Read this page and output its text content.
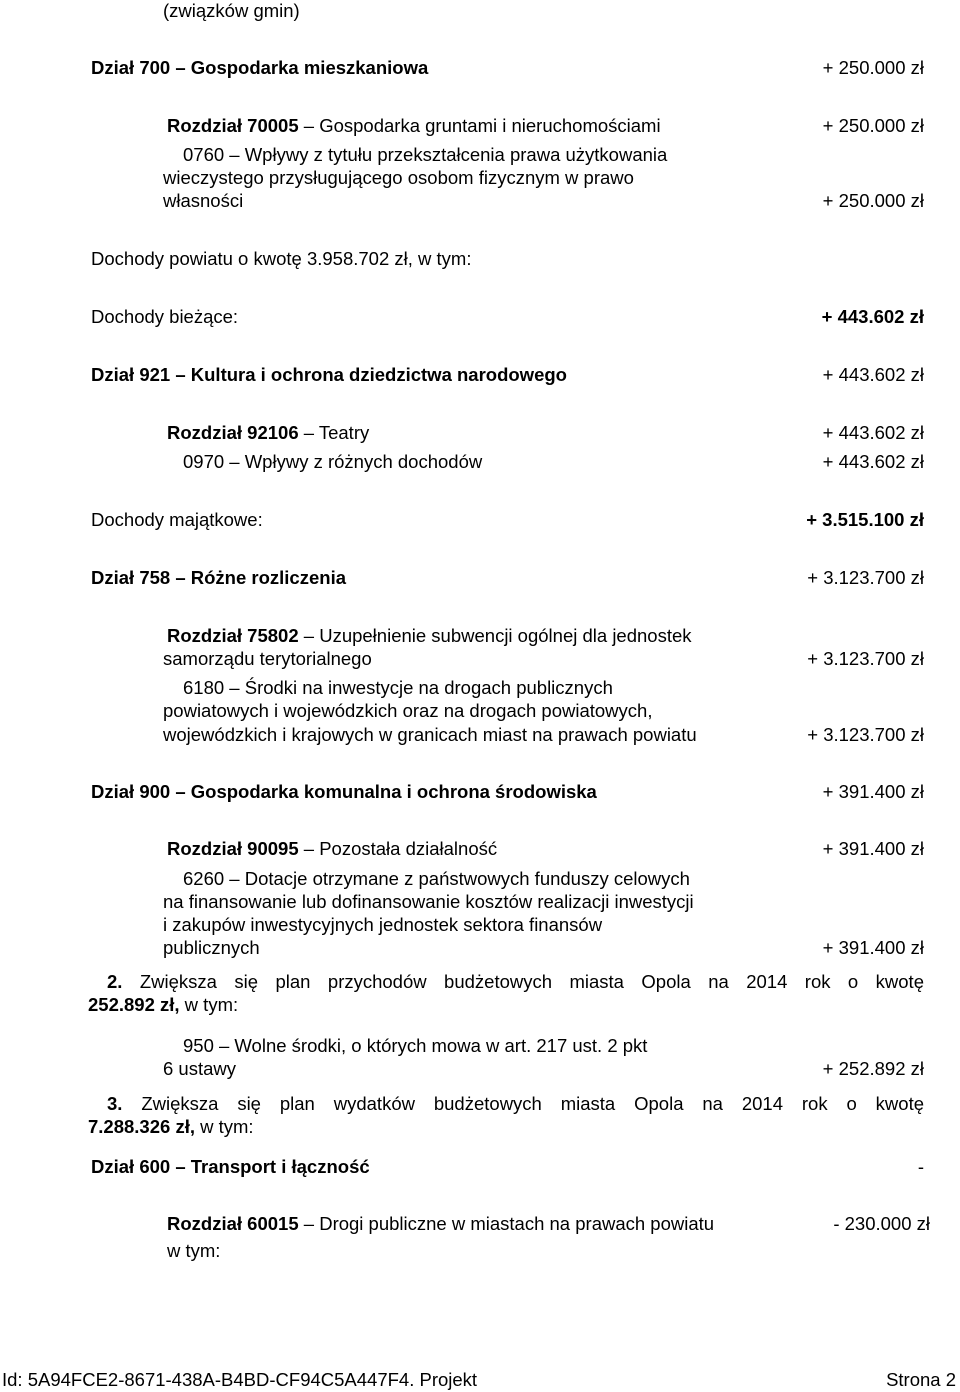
(związków gmin)
Dział 700 – Gospodarka mieszkaniowa	+ 250.000 zł
Rozdział 70005 – Gospodarka gruntami i nieruchomościami	+ 250.000 zł
0760 – Wpływy z tytułu przekształcenia prawa użytkowania
wieczystego przysługującego osobom fizycznym w prawo
własności	+ 250.000 zł
Dochody powiatu o kwotę 3.958.702 zł, w tym:
Dochody bieżące:	+ 443.602 zł
Dział 921 – Kultura i ochrona dziedzictwa narodowego	+ 443.602 zł
Rozdział 92106 – Teatry	+ 443.602 zł
0970 – Wpływy z różnych dochodów	+ 443.602 zł
Dochody majątkowe:	+ 3.515.100 zł
Dział 758 – Różne rozliczenia	+ 3.123.700 zł
Rozdział 75802 – Uzupełnienie subwencji ogólnej dla jednostek
samorządu terytorialnego	+ 3.123.700 zł
6180 – Środki na inwestycje na drogach publicznych
powiatowych i wojewódzkich oraz na drogach powiatowych,
wojewódzkich i krajowych w granicach miast na prawach powiatu	+ 3.123.700 zł
Dział 900 – Gospodarka komunalna i ochrona środowiska	+ 391.400 zł
Rozdział 90095 – Pozostała działalność	+ 391.400 zł
6260 – Dotacje otrzymane z państwowych funduszy celowych
na finansowanie lub dofinansowanie kosztów realizacji inwestycji
i zakupów inwestycyjnych jednostek sektora finansów
publicznych	+ 391.400 zł
2. Zwiększa się plan przychodów budżetowych miasta Opola na 2014 rok o kwotę
252.892 zł, w tym:
950 – Wolne środki, o których mowa w art. 217 ust. 2 pkt
6 ustawy	+ 252.892 zł
3. Zwiększa się plan wydatków budżetowych miasta Opola na 2014 rok o kwotę
7.288.326 zł, w tym:
Dział 600 – Transport i łączność	-
Rozdział 60015 – Drogi publiczne w miastach na prawach powiatu	- 230.000 zł
w tym:
Id: 5A94FCE2-8671-438A-B4BD-CF94C5A447F4. Projekt	Strona 2
